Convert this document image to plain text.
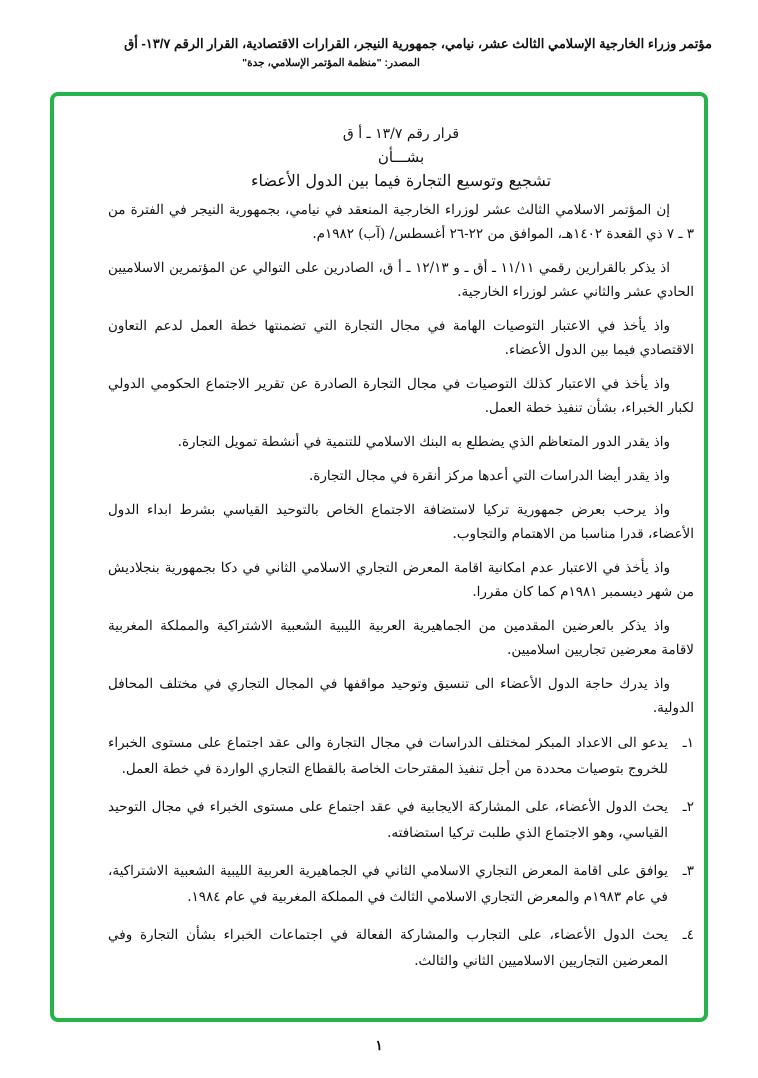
مؤتمر وزراء الخارجية الإسلامي الثالث عشر، نيامي، جمهورية النيجر، القرارات الاقتصادية، القرار الرقم ١٣/٧- أق
المصدر: "منظمة المؤتمر الإسلامي، جدة"
قرار رقم ١٣/٧ ـ أ ق
بشـــأن
تشجيع وتوسيع التجارة فيما بين الدول الأعضاء

إن المؤتمر الاسلامي الثالث عشر لوزراء الخارجية المنعقد في نيامي، بجمهورية النيجر في الفترة من ٣ ـ ٧ ذي القعدة ١٤٠٢هـ، الموافق من ٢٢-٢٦ أغسطس/ (آب) ١٩٨٢م.

اذ يذكر بالقرارين رقمي ١١/١١ ـ أق ـ و ١٢/١٣ ـ أ ق، الصادرين على التوالي عن المؤتمرين الاسلاميين الحادي عشر والثاني عشر لوزراء الخارجية.

واذ يأخذ في الاعتبار التوصيات الهامة في مجال التجارة التي تضمنتها خطة العمل لدعم التعاون الاقتصادي فيما بين الدول الأعضاء.

واذ يأخذ في الاعتبار كذلك التوصيات في مجال التجارة الصادرة عن تقرير الاجتماع الحكومي الدولي لكبار الخبراء، بشأن تنفيذ خطة العمل.

واذ يقدر الدور المتعاظم الذي يضطلع به البنك الاسلامي للتنمية في أنشطة تمويل التجارة.

واذ يقدر أيضا الدراسات التي أعدها مركز أنقرة في مجال التجارة.

واذ يرحب بعرض جمهورية تركيا لاستضافة الاجتماع الخاص بالتوحيد القياسي بشرط ابداء الدول الأعضاء، قدرا مناسبا من الاهتمام والتجاوب.

واذ يأخذ في الاعتبار عدم امكانية اقامة المعرض التجاري الاسلامي الثاني في دكا بجمهورية بنجلاديش من شهر ديسمبر ١٩٨١م كما كان مقررا.

واذ يذكر بالعرضين المقدمين من الجماهيرية العربية الليبية الشعبية الاشتراكية والمملكة المغربية لاقامة معرضين تجاريين اسلاميين.

واذ يدرك حاجة الدول الأعضاء الى تنسيق وتوحيد مواقفها في المجال التجاري في مختلف المحافل الدولية.

١ـ
يدعو الى الاعداد المبكر لمختلف الدراسات في مجال التجارة والى عقد اجتماع على مستوى الخبراء للخروج بتوصيات محددة من أجل تنفيذ المقترحات الخاصة بالقطاع التجاري الواردة في خطة العمل.
٢ـ
يحث الدول الأعضاء، على المشاركة الايجابية في عقد اجتماع على مستوى الخبراء في مجال التوحيد القياسي، وهو الاجتماع الذي طلبت تركيا استضافته.
٣ـ
يوافق على اقامة المعرض التجاري الاسلامي الثاني في الجماهيرية العربية الليبية الشعبية الاشتراكية، في عام ١٩٨٣م والمعرض التجاري الاسلامي الثالث في المملكة المغربية في عام ١٩٨٤.
٤ـ
يحث الدول الأعضاء، على التجارب والمشاركة الفعالة في اجتماعات الخبراء بشأن التجارة وفي المعرضين التجاريين الاسلاميين الثاني والثالث.
١
